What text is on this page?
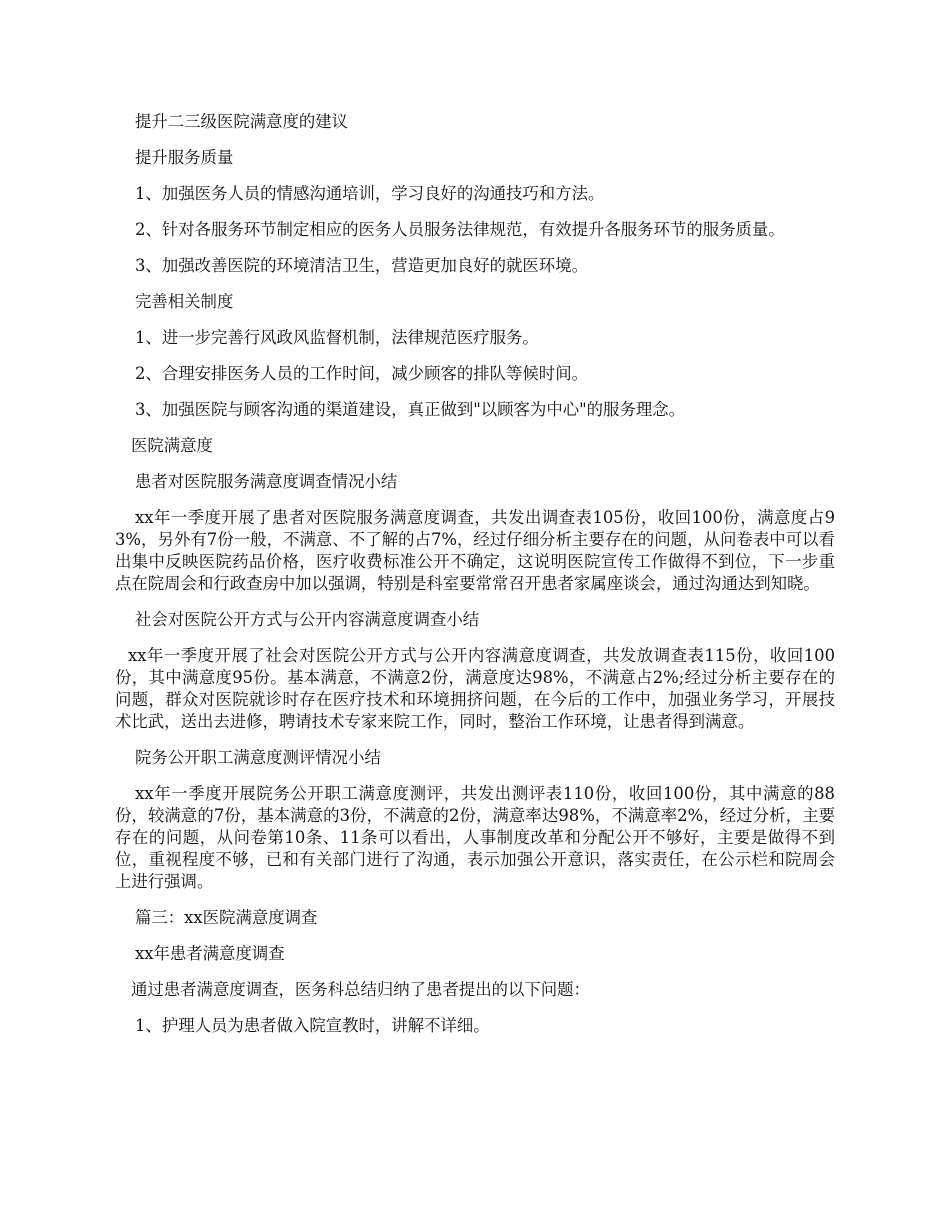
提升二三级医院满意度的建议

提升服务质量

1、加强医务人员的情感沟通培训，学习良好的沟通技巧和方法。

2、针对各服务环节制定相应的医务人员服务法律规范，有效提升各服务环节的服务质量。

3、加强改善医院的环境清洁卫生，营造更加良好的就医环境。

完善相关制度

1、进一步完善行风政风监督机制，法律规范医疗服务。

2、合理安排医务人员的工作时间，减少顾客的排队等候时间。

3、加强医院与顾客沟通的渠道建设，真正做到"以顾客为中心"的服务理念。

医院满意度

患者对医院服务满意度调查情况小结

xx年一季度开展了患者对医院服务满意度调查，共发出调查表105份，收回100份，满意度占93%，另外有7份一般，不满意、不了解的占7%，经过仔细分析主要存在的问题，从问卷表中可以看出集中反映医院药品价格，医疗收费标准公开不确定，这说明医院宣传工作做得不到位，下一步重点在院周会和行政查房中加以强调，特别是科室要常常召开患者家属座谈会，通过沟通达到知晓。

社会对医院公开方式与公开内容满意度调查小结

xx年一季度开展了社会对医院公开方式与公开内容满意度调查，共发放调查表115份，收回100份，其中满意度95份。基本满意，不满意2份，满意度达98%，不满意占2%;经过分析主要存在的问题，群众对医院就诊时存在医疗技术和环境拥挤问题，在今后的工作中，加强业务学习，开展技术比武，送出去进修，聘请技术专家来院工作，同时，整治工作环境，让患者得到满意。

院务公开职工满意度测评情况小结

xx年一季度开展院务公开职工满意度测评，共发出测评表110份，收回100份，其中满意的88份，较满意的7份，基本满意的3份，不满意的2份，满意率达98%，不满意率2%，经过分析，主要存在的问题，从问卷第10条、11条可以看出，人事制度改革和分配公开不够好，主要是做得不到位，重视程度不够，已和有关部门进行了沟通，表示加强公开意识，落实责任，在公示栏和院周会上进行强调。

篇三：xx医院满意度调查

xx年患者满意度调查

通过患者满意度调查，医务科总结归纳了患者提出的以下问题：

1、护理人员为患者做入院宣教时，讲解不详细。
